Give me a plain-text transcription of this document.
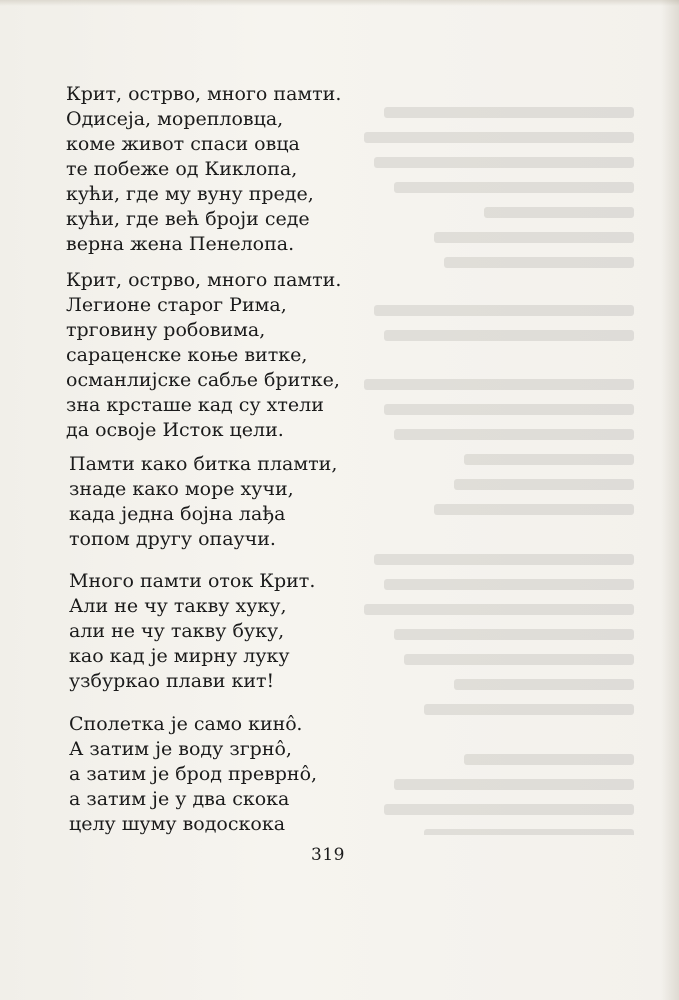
Крит, острво, много памти.
Одисеја, морепловца,
коме живот спаси овца
те побеже од Киклопа,
кући, где му вуну преде,
кући, где већ броји седе
верна жена Пенелопа.
Крит, острво, много памти.
Легионе старог Рима,
трговину робовима,
сараценске коње витке,
османлијске сабље бритке,
зна крсташе кад су хтели
да освоје Исток цели.
Памти како битка пламти,
знаде како море хучи,
када једна бојна лађа
топом другу опаучи.
Много памти оток Крит.
Али не чу такву хуку,
али не чу такву буку,
као кад је мирну луку
узбуркао плави кит!
Сполетка је само кинô.
А затим је воду згрнô,
а затим је брод преврнô,
а затим је у два скока
целу шуму водоскока
319
